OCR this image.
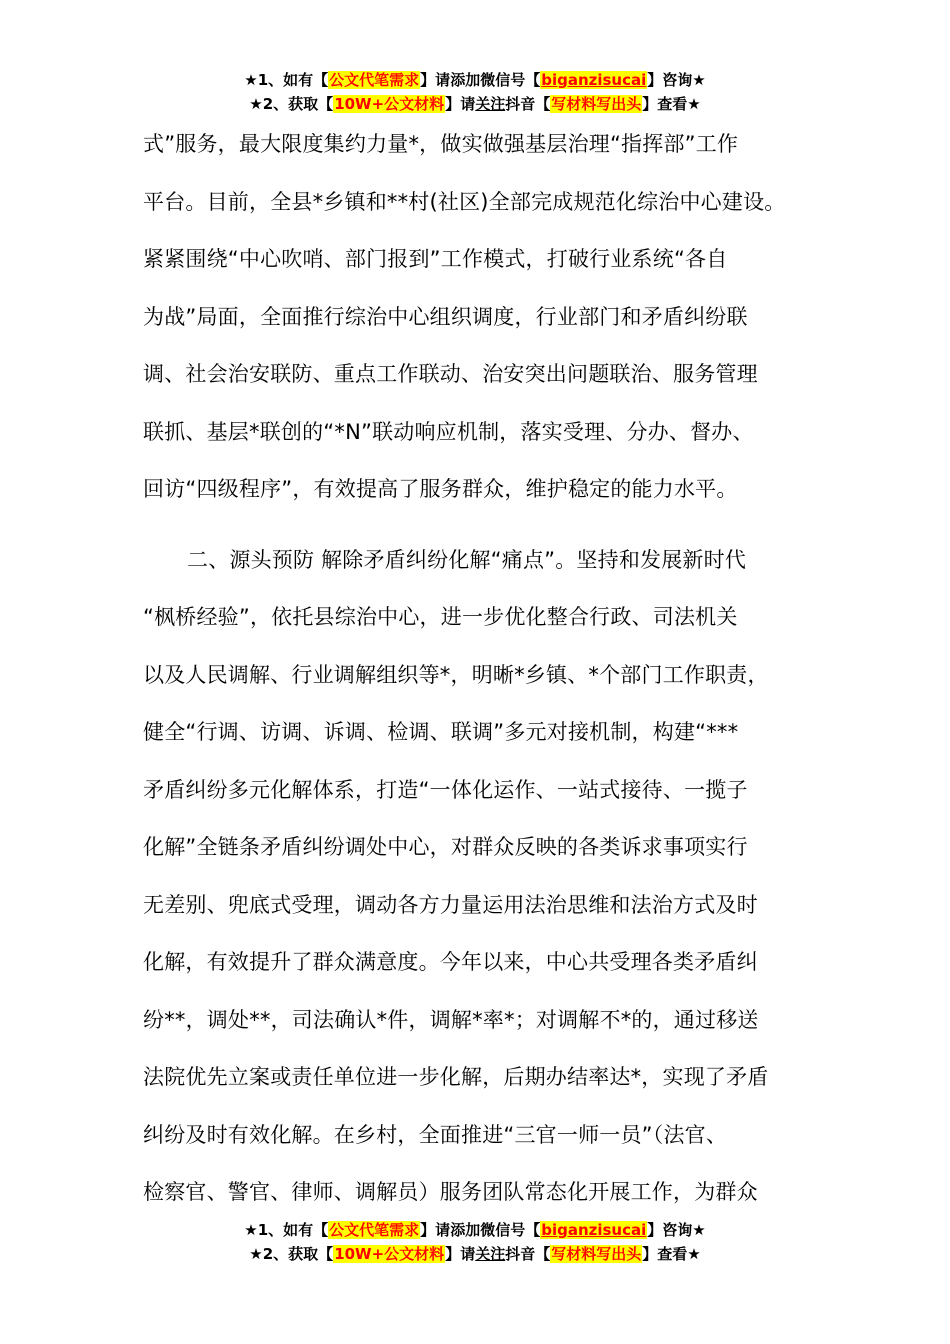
★1、如有【公文代笔需求】请添加微信号【biganzisucai】咨询★
★2、获取【10W+公文材料】请关注抖音【写材料写出头】查看★
式”服务，最大限度集约力量*，做实做强基层治理“指挥部”工作
平台。目前，全县*乡镇和**村(社区)全部完成规范化综治中心建设。
紧紧围绕“中心吹哨、部门报到”工作模式，打破行业系统“各自
为战”局面，全面推行综治中心组织调度，行业部门和矛盾纠纷联
调、社会治安联防、重点工作联动、治安突出问题联治、服务管理
联抓、基层*联创的“*N”联动响应机制，落实受理、分办、督办、
回访“四级程序”，有效提高了服务群众，维护稳定的能力水平。
二、源头预防 解除矛盾纠纷化解“痛点”。坚持和发展新时代
“枫桥经验”，依托县综治中心，进一步优化整合行政、司法机关
以及人民调解、行业调解组织等*，明晰*乡镇、*个部门工作职责，
健全“行调、访调、诉调、检调、联调”多元对接机制，构建“***
矛盾纠纷多元化解体系，打造“一体化运作、一站式接待、一揽子
化解”全链条矛盾纠纷调处中心，对群众反映的各类诉求事项实行
无差别、兜底式受理，调动各方力量运用法治思维和法治方式及时
化解，有效提升了群众满意度。今年以来，中心共受理各类矛盾纠
纷**，调处**，司法确认*件，调解*率*；对调解不*的，通过移送
法院优先立案或责任单位进一步化解，后期办结率达*，实现了矛盾
纠纷及时有效化解。在乡村，全面推进“三官一师一员”（法官、
检察官、警官、律师、调解员）服务团队常态化开展工作，为群众
★1、如有【公文代笔需求】请添加微信号【biganzisucai】咨询★
★2、获取【10W+公文材料】请关注抖音【写材料写出头】查看★
